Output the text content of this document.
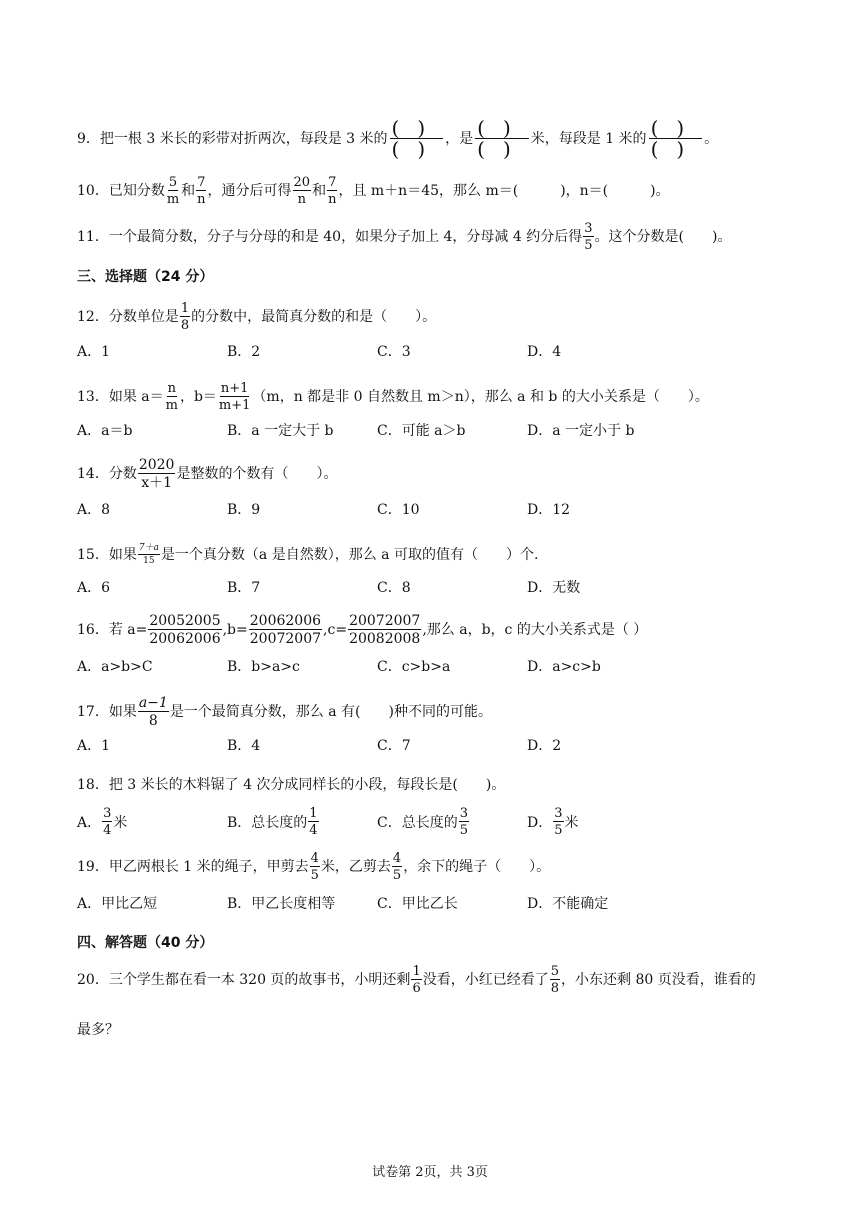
9．把一根 3 米长的彩带对折两次，每段是 3 米的 ()
() ，是 ()
() 米，每段是 1 米的 ()
() 。
10．已知分数 $\frac{5}{m}$ 和 $\frac{7}{n}$ ，通分后可得 $\frac{20}{n}$ 和 $\frac{7}{n}$ ，且 m＋n＝45，那么 m＝(　　　)，n＝(　　　)。
11．一个最简分数，分子与分母的和是 40，如果分子加上 4，分母减 4 约分后得 $\frac{3}{5}$ 。这个分数是(　　)。
三、选择题（24 分）
12．分数单位是 $\frac{1}{8}$ 的分数中，最简真分数的和是（　　）。
A．1	B．2	C．3	D．4
13．如果 $a= \frac{n}{m}$ ，$b= \frac{n+1}{m+1} (m$，n 都是非 0 自然数且 m＞n），那么 a 和 b 的大小关系是（　　）。
A．a＝b	B．a 一定大于 b	C．可能 a＞b	D．a 一定小于 b
14．分数 $\frac{2020}{x+1}$ 是整数的个数有（　　）。
A．8	B．9	C．10	D．12
15．如果 $\frac{7+a}{15}$ 是一个真分数（a 是自然数），那么 a 可取的值有（　　）个.
A．6	B．7	C．8	D．无数
16．若 $a= \frac{20052005}{20062006} ,b= \frac{20062006}{20072007} ,c= \frac{20072007}{20082008}$ ,那么 a，b，c 的大小关系式是（ ）
A．a>b>C	B．b>a>c	C．c>b>a	D．a>c>b
17．如果 $\frac{a-1}{8}$ 是一个最简真分数，那么 a 有(　　)种不同的可能。
A．1	B．4	C．7	D．2
18．把 3 米长的木料锯了 4 次分成同样长的小段，每段长是(　　)。
A． $\frac{3}{4}$ 米	B．总长度的 $\frac{1}{4}$	C．总长度的 $\frac{3}{5}$	D． $\frac{3}{5}$ 米
19．甲乙两根长 1 米的绳子，甲剪去 $\frac{4}{5}$ 米，乙剪去 $\frac{4}{5}$ ，余下的绳子（　　）。
A．甲比乙短	B．甲乙长度相等	C．甲比乙长	D．不能确定
四、解答题（40 分）
20．三个学生都在看一本 320 页的故事书，小明还剩 $\frac{1}{6}$ 没看，小红已经看了 $\frac{5}{8}$ ，小东还剩 80 页没看，谁看的
最多？
试卷第 2页，共 3页
